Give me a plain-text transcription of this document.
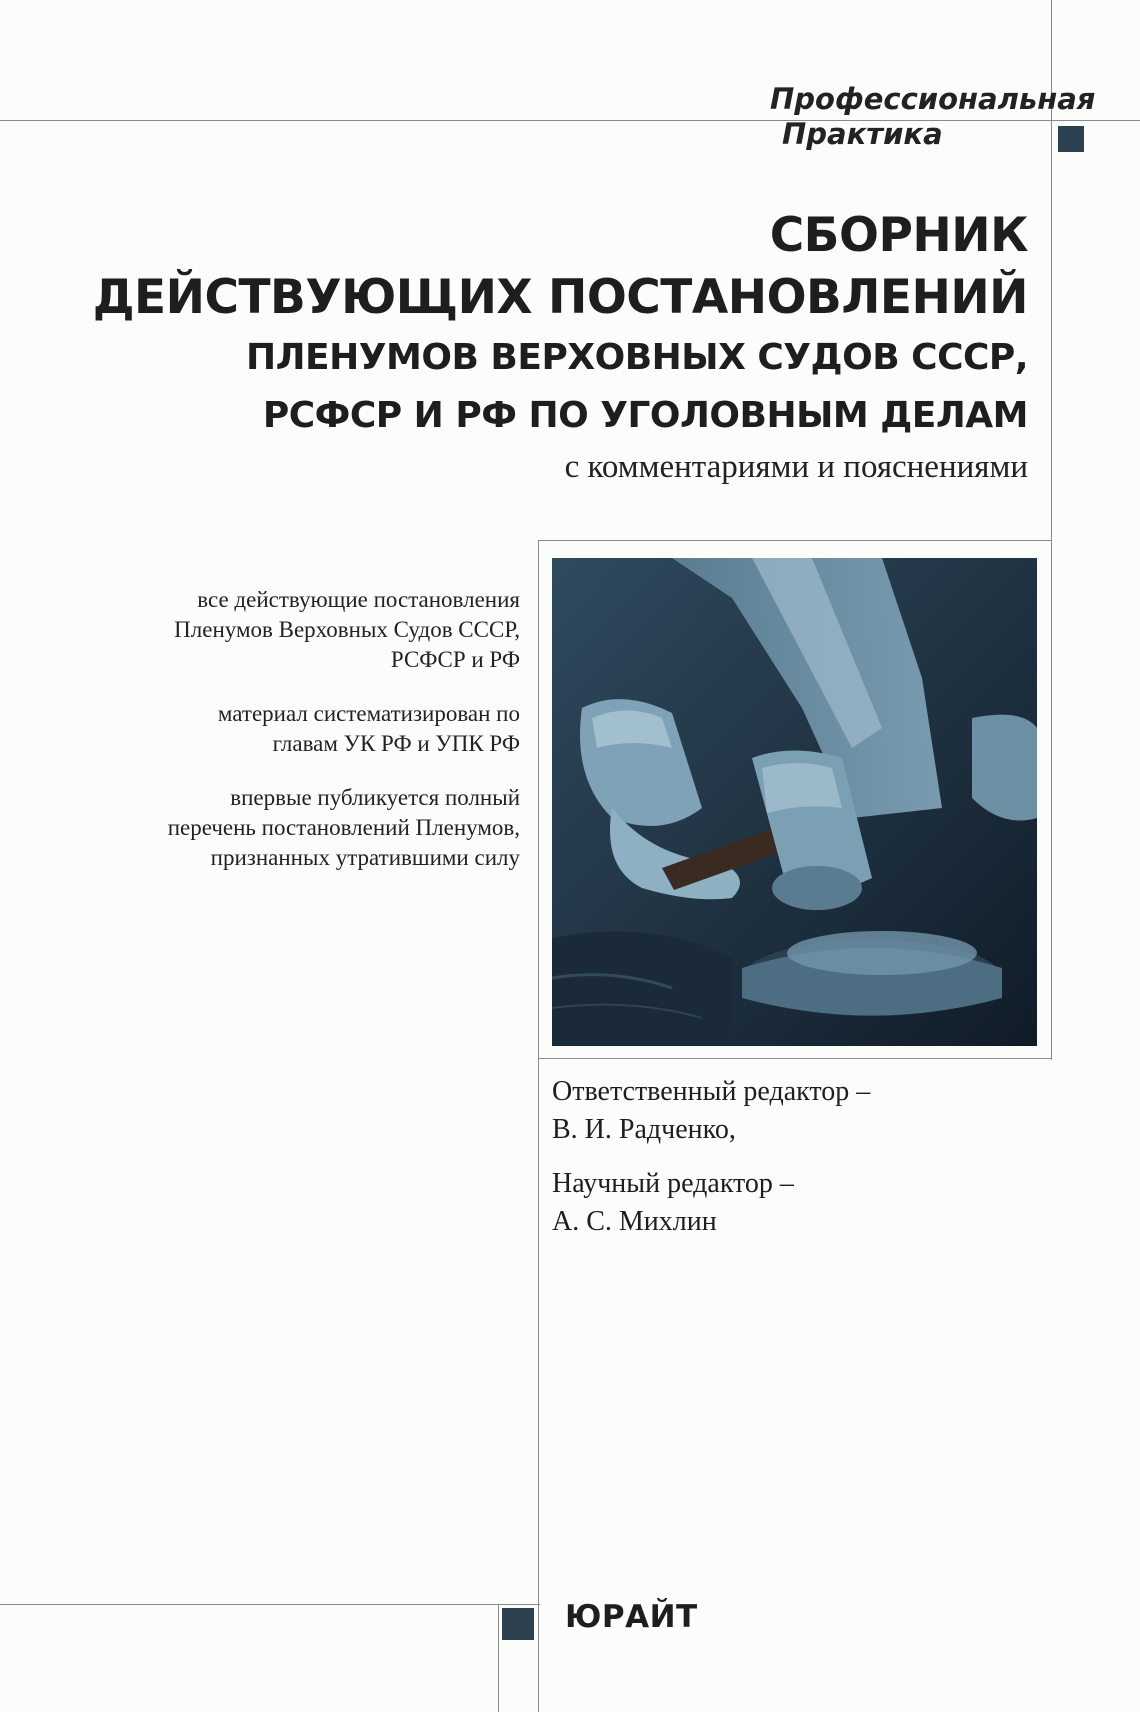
Профессиональная
Практика
СБОРНИК
ДЕЙСТВУЮЩИХ ПОСТАНОВЛЕНИЙ
ПЛЕНУМОВ ВЕРХОВНЫХ СУДОВ СССР,
РСФСР И РФ ПО УГОЛОВНЫМ ДЕЛАМ
с комментариями и пояснениями
все действующие постановления
Пленумов Верховных Судов СССР,
РСФСР и РФ
материал систематизирован по
главам УК РФ и УПК РФ
впервые публикуется полный
перечень постановлений Пленумов,
признанных утратившими силу
Ответственный редактор –
В. И. Радченко,
Научный редактор –
А. С. Михлин
ЮРАЙТ
